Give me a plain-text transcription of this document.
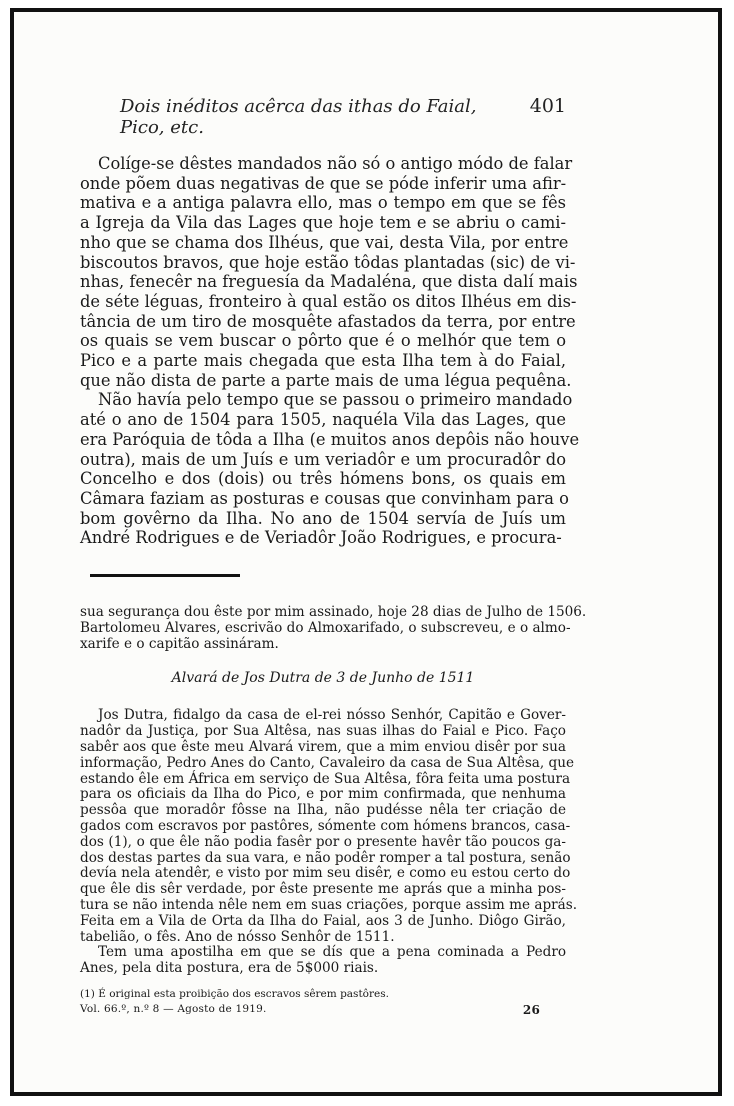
Dois inéditos acêrca das ithas do Faial, Pico, etc.
401
Colíge-se dêstes mandados não só o antigo módo de falar
onde põem duas negativas de que se póde inferir uma afir-
mativa e a antiga palavra ello, mas o tempo em que se fês
a Igreja da Vila das Lages que hoje tem e se abriu o cami-
nho que se chama dos Ilhéus, que vai, desta Vila, por entre
biscoutos bravos, que hoje estão tôdas plantadas (sic) de vi-
nhas, fenecêr na freguesía da Madaléna, que dista dalí mais
de séte léguas, fronteiro à qual estão os ditos Ilhéus em dis-
tância de um tiro de mosquête afastados da terra, por entre
os quais se vem buscar o pôrto que é o melhór que tem o
Pico e a parte mais chegada que esta Ilha tem à do Faial,
que não dista de parte a parte mais de uma légua pequêna.
Não havía pelo tempo que se passou o primeiro mandado
até o ano de 1504 para 1505, naquéla Vila das Lages, que
era Paróquia de tôda a Ilha (e muitos anos depôis não houve
outra), mais de um Juís e um veriadôr e um procuradôr do
Concelho e dos (dois) ou três hómens bons, os quais em
Câmara faziam as posturas e cousas que convinham para o
bom govêrno da Ilha. No ano de 1504 servía de Juís um
André Rodrigues e de Veriadôr João Rodrigues, e procura-
sua segurança dou êste por mim assinado, hoje 28 dias de Julho de 1506.
Bartolomeu Alvares, escrivão do Almoxarifado, o subscreveu, e o almo-
xarife e o capitão assináram.
Alvará de Jos Dutra de 3 de Junho de 1511
Jos Dutra, fidalgo da casa de el-rei nósso Senhór, Capitão e Gover-
nadôr da Justiça, por Sua Altêsa, nas suas ilhas do Faial e Pico. Faço
sabêr aos que êste meu Alvará virem, que a mim enviou disêr por sua
informação, Pedro Anes do Canto, Cavaleiro da casa de Sua Altêsa, que
estando êle em África em serviço de Sua Altêsa, fôra feita uma postura
para os oficiais da Ilha do Pico, e por mim confirmada, que nenhuma
pessôa que moradôr fôsse na Ilha, não pudésse nêla ter criação de
gados com escravos por pastôres, sómente com hómens brancos, casa-
dos (1), o que êle não podia fasêr por o presente havêr tão poucos ga-
dos destas partes da sua vara, e não podêr romper a tal postura, senão
devía nela atendêr, e visto por mim seu disêr, e como eu estou certo do
que êle dis sêr verdade, por êste presente me aprás que a minha pos-
tura se não intenda nêle nem em suas criações, porque assim me aprás.
Feita em a Vila de Orta da Ilha do Faial, aos 3 de Junho. Diôgo Girão,
tabelião, o fês. Ano de nósso Senhôr de 1511.
Tem uma apostilha em que se dís que a pena cominada a Pedro
Anes, pela dita postura, era de 5$000 riais.
(1) É original esta proibição dos escravos sêrem pastôres.
Vol. 66.º, n.º 8 — Agosto de 1919.	26
